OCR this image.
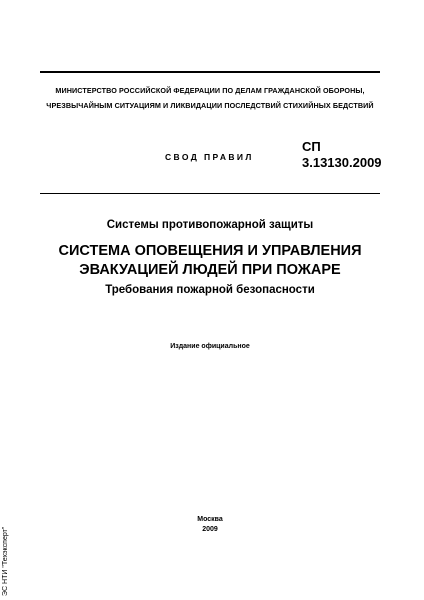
МИНИСТЕРСТВО РОССИЙСКОЙ ФЕДЕРАЦИИ ПО ДЕЛАМ ГРАЖДАНСКОЙ ОБОРОНЫ,
ЧРЕЗВЫЧАЙНЫМ СИТУАЦИЯМ И ЛИКВИДАЦИИ ПОСЛЕДСТВИЙ СТИХИЙНЫХ БЕДСТВИЙ
СВОД ПРАВИЛ
СП
3.13130.2009
Системы противопожарной защиты
СИСТЕМА ОПОВЕЩЕНИЯ И УПРАВЛЕНИЯ
ЭВАКУАЦИЕЙ ЛЮДЕЙ ПРИ ПОЖАРЕ
Требования пожарной безопасности
Издание официальное
Москва
2009
ЭС НТИ "Техэксперт"
